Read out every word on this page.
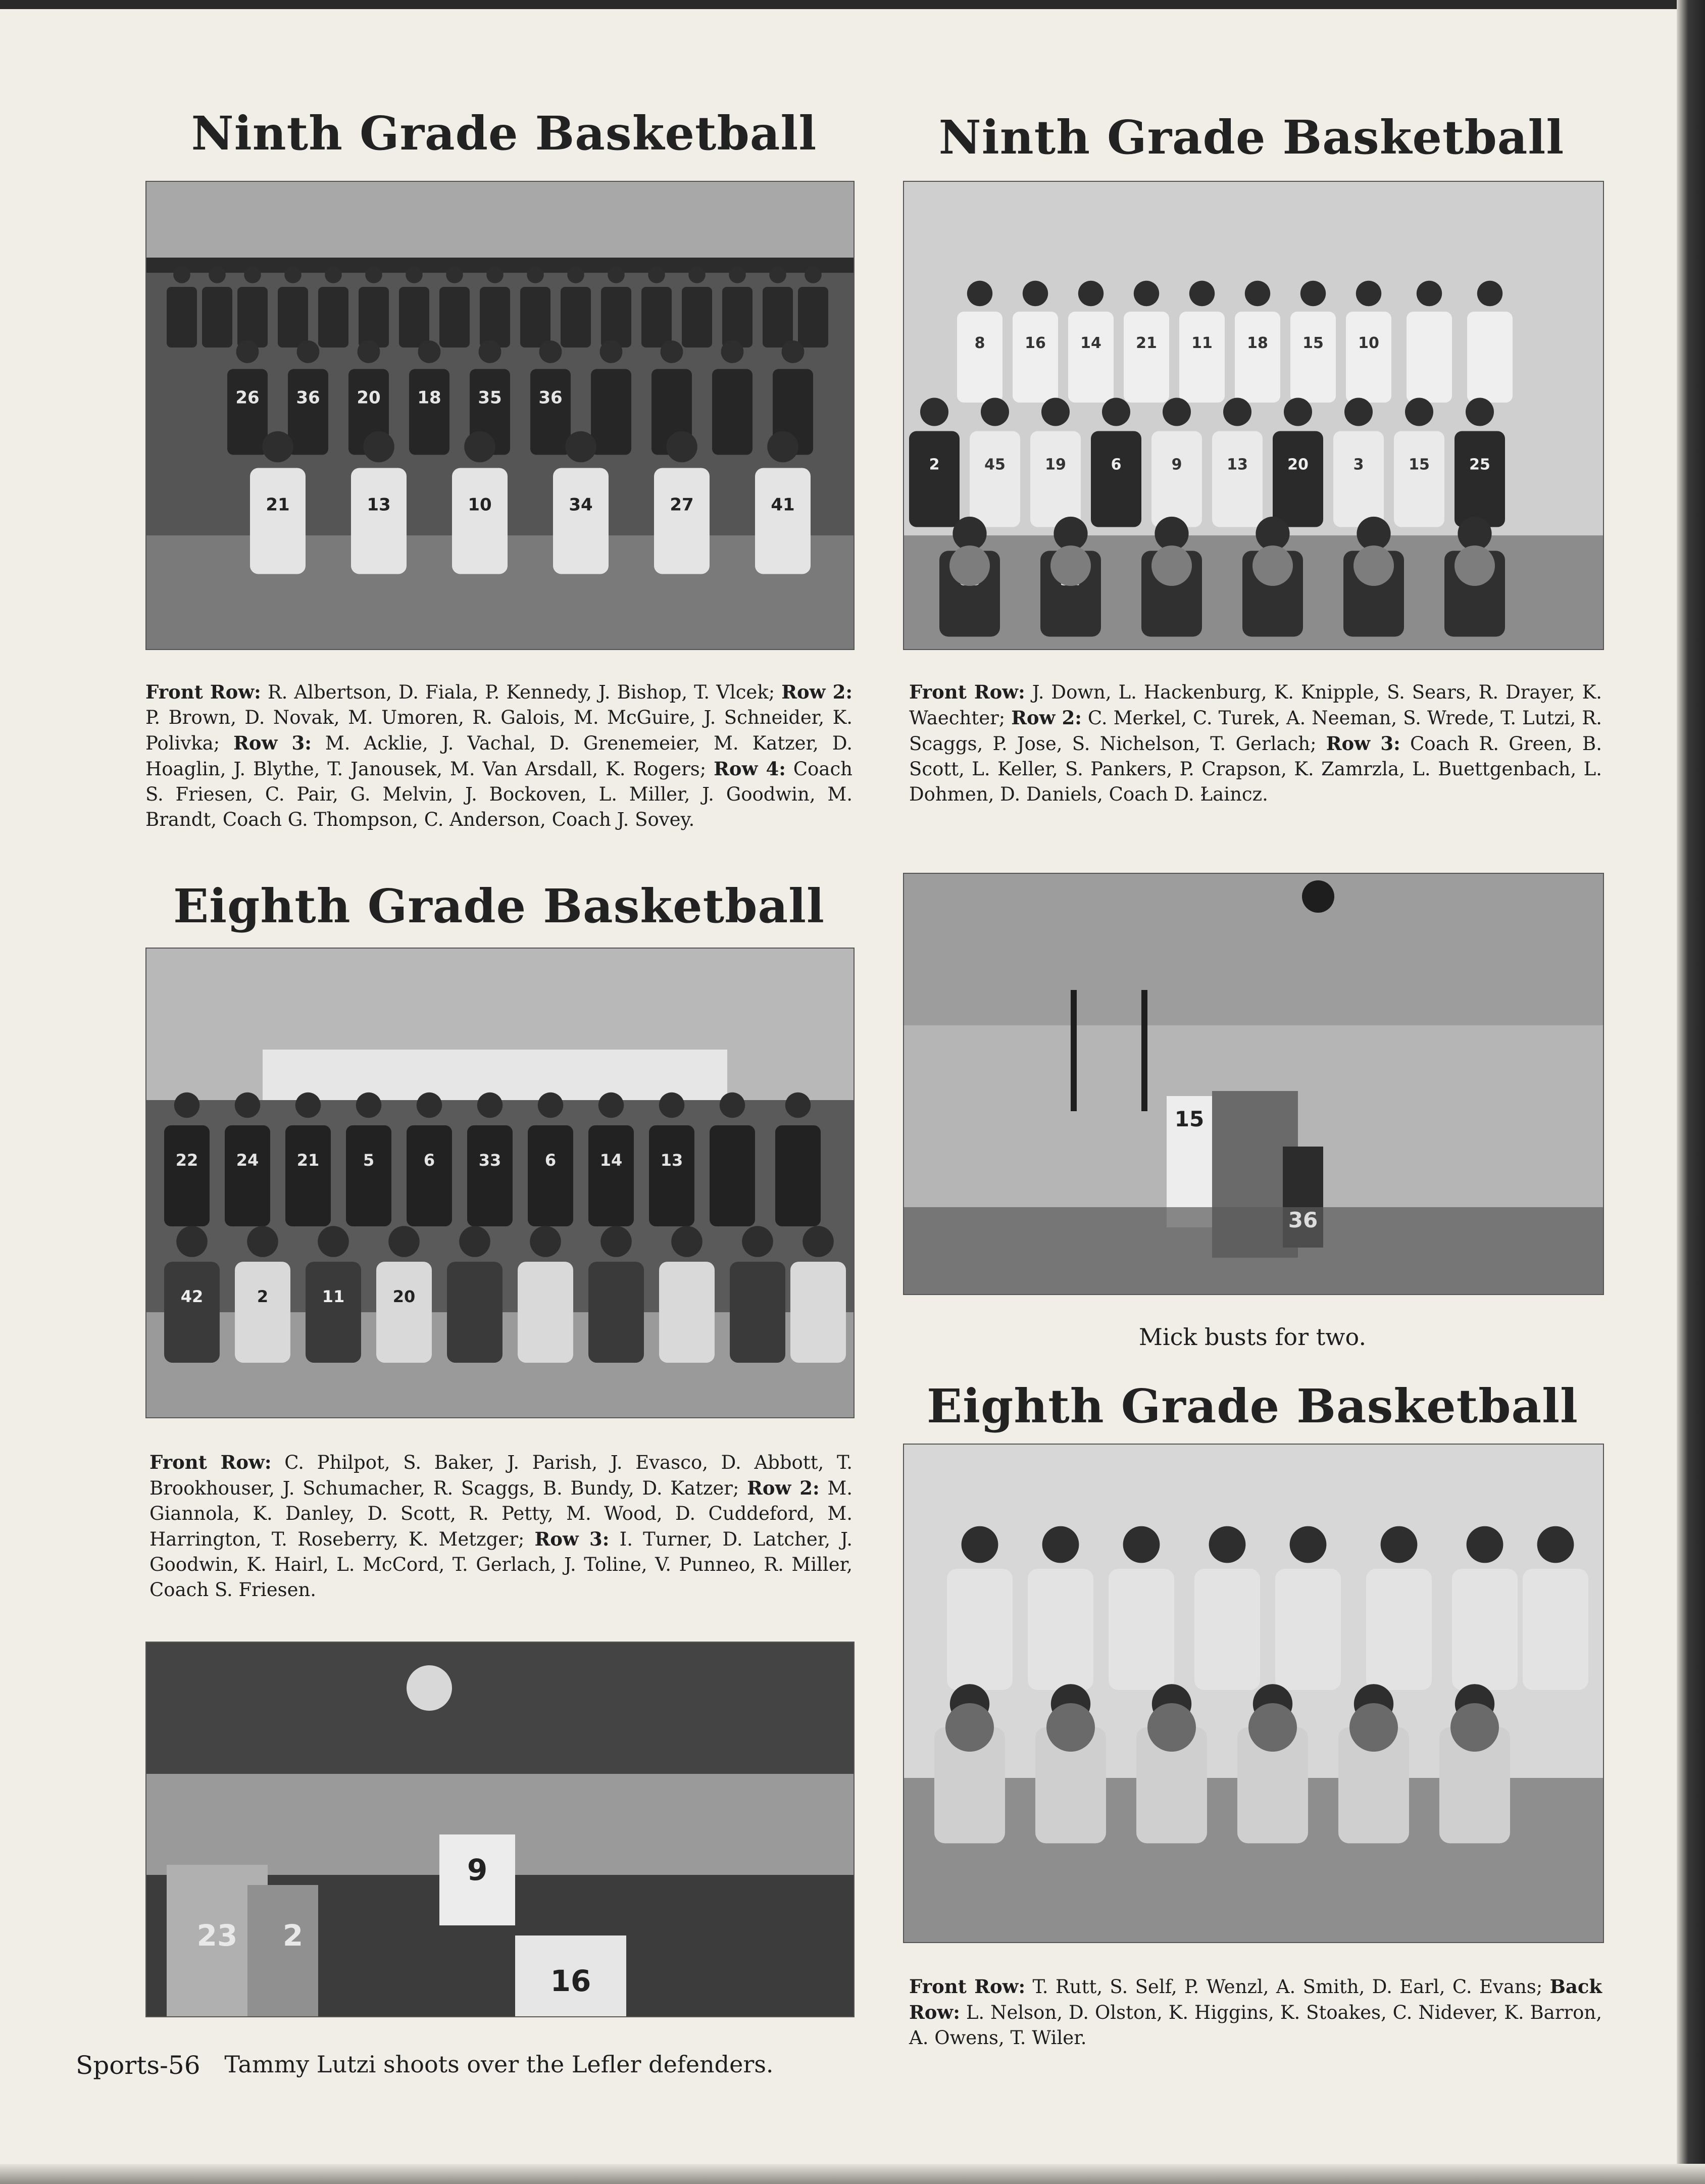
Ninth Grade Basketball
26 36 20 18 35 36
21	13	10	34	27	41
Front Row: R. Albertson, D. Fiala, P. Kennedy, J. Bishop, T. Vlcek; Row 2: P. Brown, D. Novak, M. Umoren, R. Galois, M. McGuire, J. Schneider, K. Polivka; Row 3: M. Acklie, J. Vachal, D. Grenemeier, M. Katzer, D. Hoaglin, J. Blythe, T. Janousek, M. Van Arsdall, K. Rogers; Row 4: Coach S. Friesen, C. Pair, G. Melvin, J. Bockoven, L. Miller, J. Goodwin, M. Brandt, Coach G. Thompson, C. Anderson, Coach J. Sovey.
Ninth Grade Basketball
8	16 14 21 11 18 15 10
2	45	19	6	9	13	20	3	15	25
Front Row: J. Down, L. Hackenburg, K. Knipple, S. Sears, R. Drayer, K. Waechter; Row 2: C. Merkel, C. Turek, A. Neeman, S. Wrede, T. Lutzi, R. Scaggs, P. Jose, S. Nichelson, T. Gerlach; Row 3: Coach R. Green, B. Scott, L. Keller, S. Pankers, P. Crapson, K. Zamrzla, L. Buettgenbach, L. Dohmen, D. Daniels, Coach D. Łaincz.
Eighth Grade Basketball
22 24 21	5	6	33	6	14 13
42	2	11	20
Front Row: C. Philpot, S. Baker, J. Parish, J. Evasco, D. Abbott, T. Brookhouser, J. Schumacher, R. Scaggs, B. Bundy, D. Katzer; Row 2: M. Giannola, K. Danley, D. Scott, R. Petty, M. Wood, D. Cuddeford, M. Harrington, T. Roseberry, K. Metzger; Row 3: I. Turner, D. Latcher, J. Goodwin, K. Hairl, L. McCord, T. Gerlach, J. Toline, V. Punneo, R. Miller, Coach S. Friesen.
15
36
Mick busts for two.
Eighth Grade Basketball
Front Row: T. Rutt, S. Self, P. Wenzl, A. Smith, D. Earl, C. Evans; Back Row: L. Nelson, D. Olston, K. Higgins, K. Stoakes, C. Nidever, K. Barron, A. Owens, T. Wiler.
23 2
9
16
Tammy Lutzi shoots over the Lefler defenders.
Sports-56
